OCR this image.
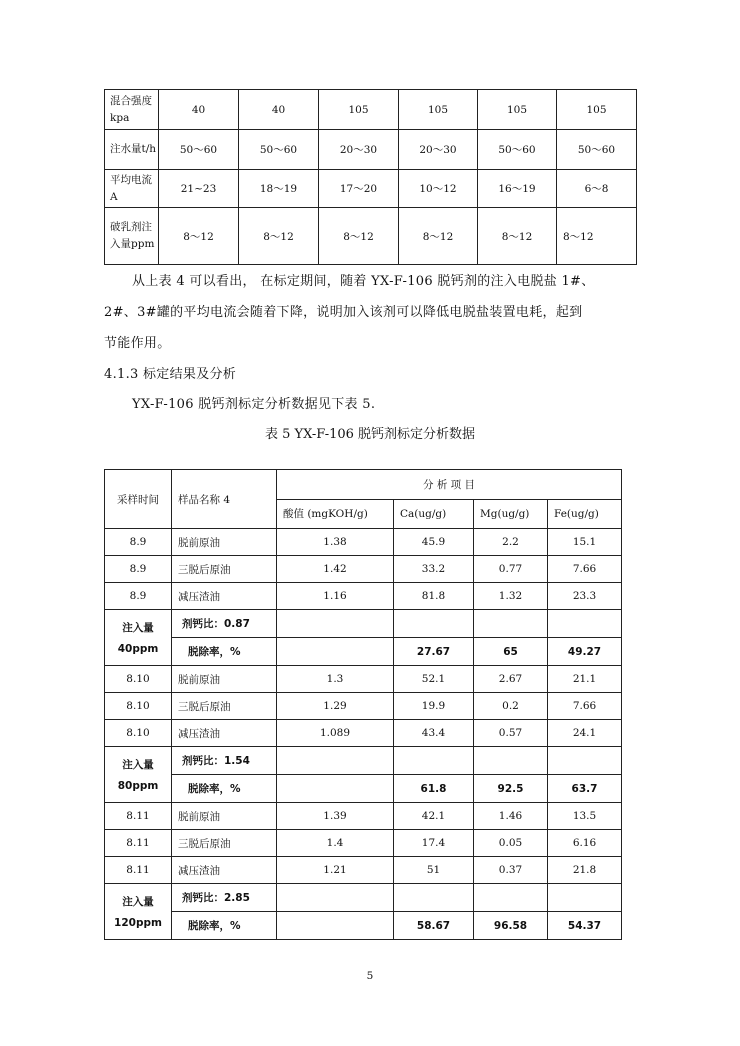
混合强度kpa	40	40	105	105	105	105
注水量t/h	50～60	50～60	20～30	20～30	50～60	50～60
平均电流A	21~23	18～19	17～20	10～12	16～19	6～8
破乳剂注入量ppm	8～12	8～12	8～12	8～12	8～12	8～12
从上表 4 可以看出， 在标定期间，随着 YX-F-106 脱钙剂的注入电脱盐 1#、
2#、3#罐的平均电流会随着下降，说明加入该剂可以降低电脱盐装置电耗，起到
节能作用。
4.1.3 标定结果及分析
YX-F-106 脱钙剂标定分析数据见下表 5.
表 5 YX-F-106 脱钙剂标定分析数据
采样时间	样品名称 4	分 析 项 目			
		酸值 (mgKOH/g)	Ca(ug/g)	Mg(ug/g)	Fe(ug/g)
8.9	脱前原油	1.38	45.9	2.2	15.1
8.9	三脱后原油	1.42	33.2	0.77	7.66
8.9	减压渣油	1.16	81.8	1.32	23.3

注入量
40ppm	剂钙比：0.87				
	脱除率，%		27.67	65	49.27
8.10	脱前原油	1.3	52.1	2.67	21.1
8.10	三脱后原油	1.29	19.9	0.2	7.66
8.10	减压渣油	1.089	43.4	0.57	24.1

注入量
80ppm	剂钙比：1.54				
	脱除率，%		61.8	92.5	63.7
8.11	脱前原油	1.39	42.1	1.46	13.5
8.11	三脱后原油	1.4	17.4	0.05	6.16
8.11	减压渣油	1.21	51	0.37	21.8

注入量
120ppm	剂钙比：2.85				
	脱除率，%		58.67	96.58	54.37
5
